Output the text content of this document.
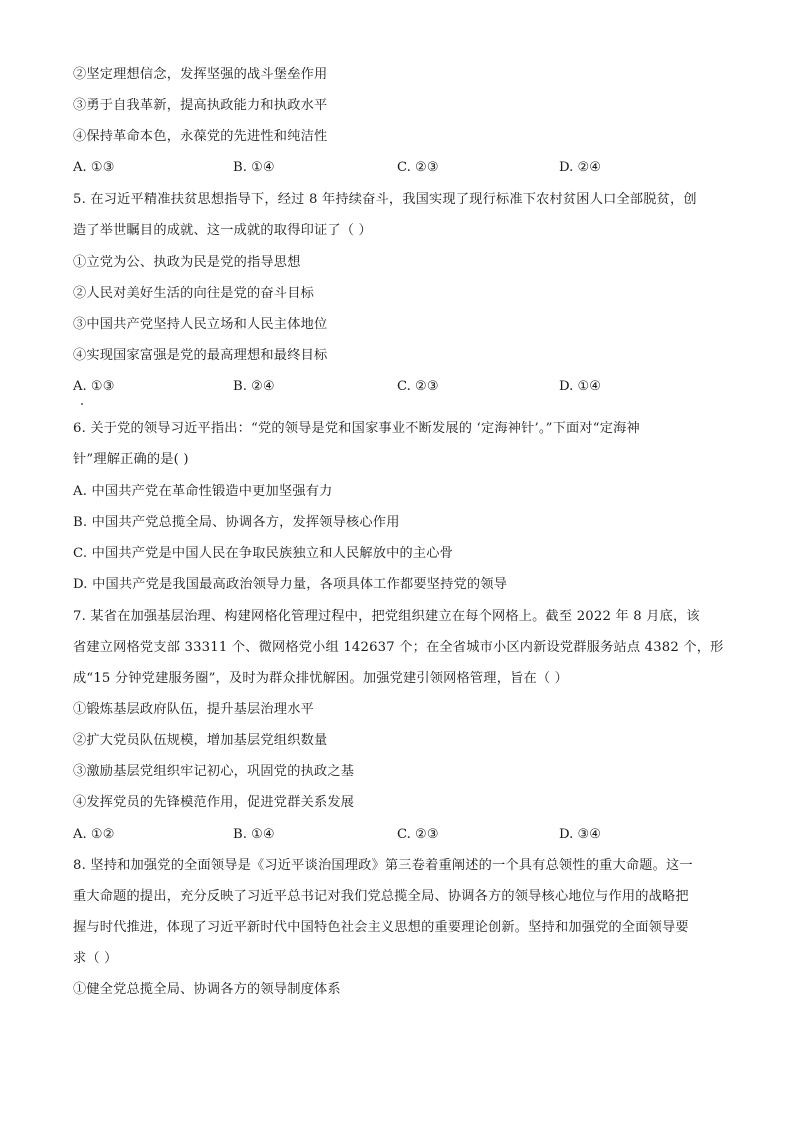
②坚定理想信念，发挥坚强的战斗堡垒作用
③勇于自我革新，提高执政能力和执政水平
④保持革命本色，永葆党的先进性和纯洁性
A. ①③	B. ①④	C. ②③	D. ②④
5. 在习近平精准扶贫思想指导下，经过 8 年持续奋斗，我国实现了现行标准下农村贫困人口全部脱贫，创
造了举世瞩目的成就、这一成就的取得印证了（ ）
①立党为公、执政为民是党的指导思想
②人民对美好生活的向往是党的奋斗目标
③中国共产党坚持人民立场和人民主体地位
④实现国家富强是党的最高理想和最终目标
A. ①③	B. ②④	C. ②③	D. ①④
6. 关于党的领导习近平指出：“党的领导是党和国家事业不断发展的 ‘定海神针’。”下面对“定海神
针”理解正确的是( )
A. 中国共产党在革命性锻造中更加坚强有力
B. 中国共产党总揽全局、协调各方，发挥领导核心作用
C. 中国共产党是中国人民在争取民族独立和人民解放中的主心骨
D. 中国共产党是我国最高政治领导力量，各项具体工作都要坚持党的领导
7. 某省在加强基层治理、构建网格化管理过程中，把党组织建立在每个网格上。截至 2022 年 8 月底，该
省建立网格党支部 33311 个、微网格党小组 142637 个；在全省城市小区内新设党群服务站点 4382 个，形
成“15 分钟党建服务圈”，及时为群众排忧解困。加强党建引领网格管理，旨在（ ）
①锻炼基层政府队伍，提升基层治理水平
②扩大党员队伍规模，增加基层党组织数量
③激励基层党组织牢记初心，巩固党的执政之基
④发挥党员的先锋模范作用，促进党群关系发展
A. ①②	B. ①④	C. ②③	D. ③④
8. 坚持和加强党的全面领导是《习近平谈治国理政》第三卷着重阐述的一个具有总领性的重大命题。这一
重大命题的提出，充分反映了习近平总书记对我们党总揽全局、协调各方的领导核心地位与作用的战略把
握与时代推进，体现了习近平新时代中国特色社会主义思想的重要理论创新。坚持和加强党的全面领导要
求（ ）
①健全党总揽全局、协调各方的领导制度体系
